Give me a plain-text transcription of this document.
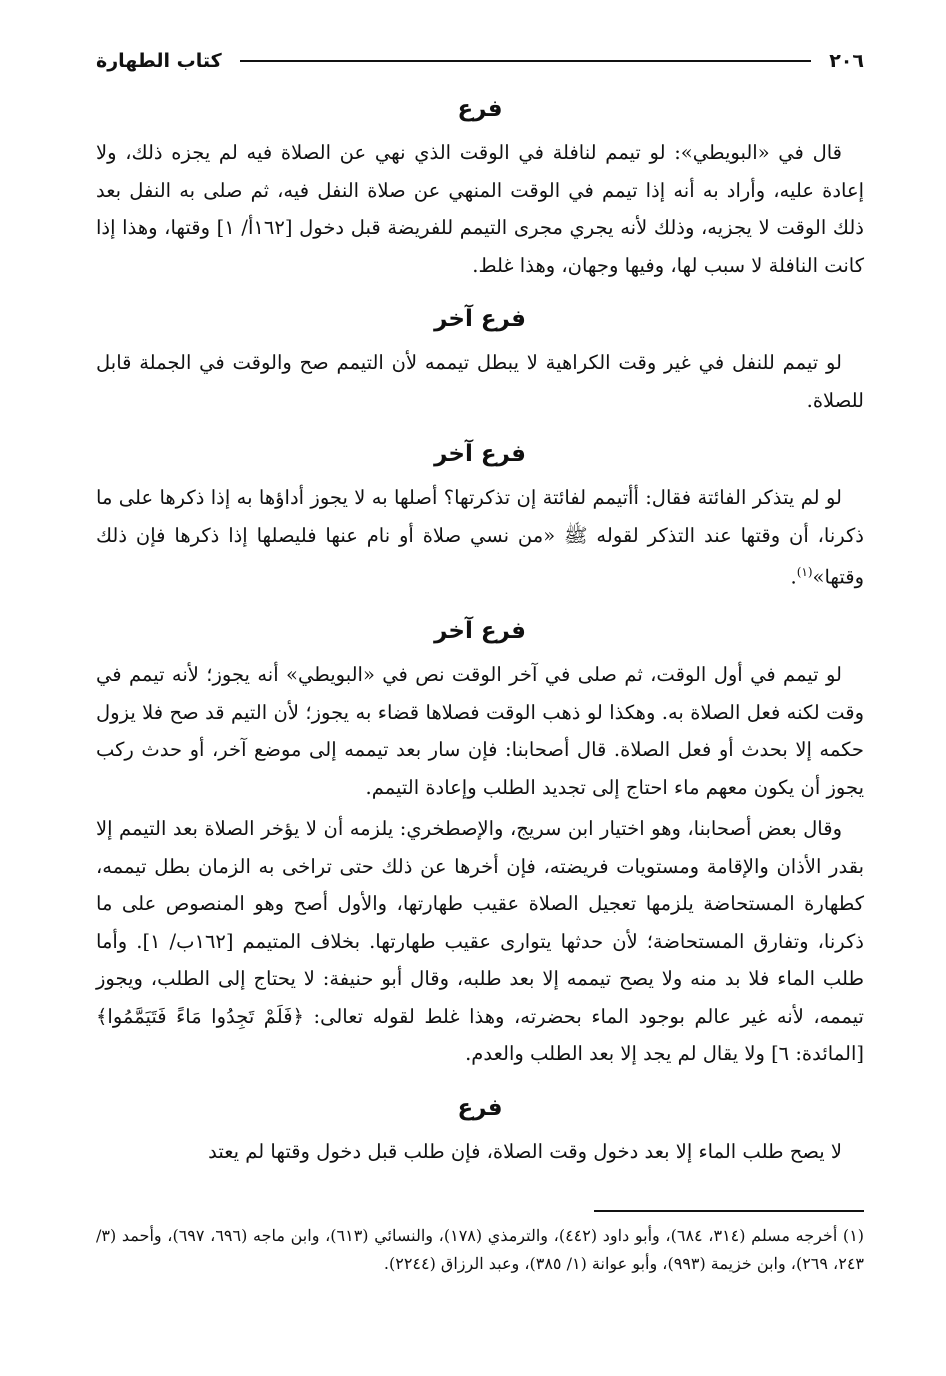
٢٠٦
كتاب الطهارة
فرع

قال في «البويطي»: لو تيمم لنافلة في الوقت الذي نهي عن الصلاة فيه لم يجزه ذلك، ولا إعادة عليه، وأراد به أنه إذا تيمم في الوقت المنهي عن صلاة النفل فيه، ثم صلى به النفل بعد ذلك الوقت لا يجزيه، وذلك لأنه يجري مجرى التيمم للفريضة قبل دخول [١٦٢أ/ ١] وقتها، وهذا إذا كانت النافلة لا سبب لها، وفيها وجهان، وهذا غلط.

فرع آخر

لو تيمم للنفل في غير وقت الكراهية لا يبطل تيممه لأن التيمم صح والوقت في الجملة قابل للصلاة.

فرع آخر

لو لم يتذكر الفائتة فقال: أأتيمم لفائتة إن تذكرتها؟ أصلها به لا يجوز أداؤها به إذا ذكرها على ما ذكرنا، أن وقتها عند التذكر لقوله ﷺ «من نسي صلاة أو نام عنها فليصلها إذا ذكرها فإن ذلك وقتها»$^{(١)}$.

فرع آخر

لو تيمم في أول الوقت، ثم صلى في آخر الوقت نص في «البويطي» أنه يجوز؛ لأنه تيمم في وقت لكنه فعل الصلاة به. وهكذا لو ذهب الوقت فصلاها قضاء به يجوز؛ لأن التيم قد صح فلا يزول حكمه إلا بحدث أو فعل الصلاة. قال أصحابنا: فإن سار بعد تيممه إلى موضع آخر، أو حدث ركب يجوز أن يكون معهم ماء احتاج إلى تجديد الطلب وإعادة التيمم.

وقال بعض أصحابنا، وهو اختيار ابن سريج، والإصطخري: يلزمه أن لا يؤخر الصلاة بعد التيمم إلا بقدر الأذان والإقامة ومستويات فريضته، فإن أخرها عن ذلك حتى تراخى به الزمان بطل تيممه، كطهارة المستحاضة يلزمها تعجيل الصلاة عقيب طهارتها، والأول أصح وهو المنصوص على ما ذكرنا، وتفارق المستحاضة؛ لأن حدثها يتوارى عقيب طهارتها. بخلاف المتيمم [١٦٢ب/ ١]. وأما طلب الماء فلا بد منه ولا يصح تيممه إلا بعد طلبه، وقال أبو حنيفة: لا يحتاج إلى الطلب، ويجوز تيممه، لأنه غير عالم بوجود الماء بحضرته، وهذا غلط لقوله تعالى: ﴿فَلَمْ تَجِدُوا مَاءً فَتَيَمَّمُوا﴾ [المائدة: ٦] ولا يقال لم يجد إلا بعد الطلب والعدم.

فرع

لا يصح طلب الماء إلا بعد دخول وقت الصلاة، فإن طلب قبل دخول وقتها لم يعتد

(١) أخرجه مسلم (٣١٤، ٦٨٤)، وأبو داود (٤٤٢)، والترمذي (١٧٨)، والنسائي (٦١٣)، وابن ماجه (٦٩٦، ٦٩٧)، وأحمد (٣/ ٢٤٣، ٢٦٩)، وابن خزيمة (٩٩٣)، وأبو عوانة (١/ ٣٨٥)، وعبد الرزاق (٢٢٤٤).
